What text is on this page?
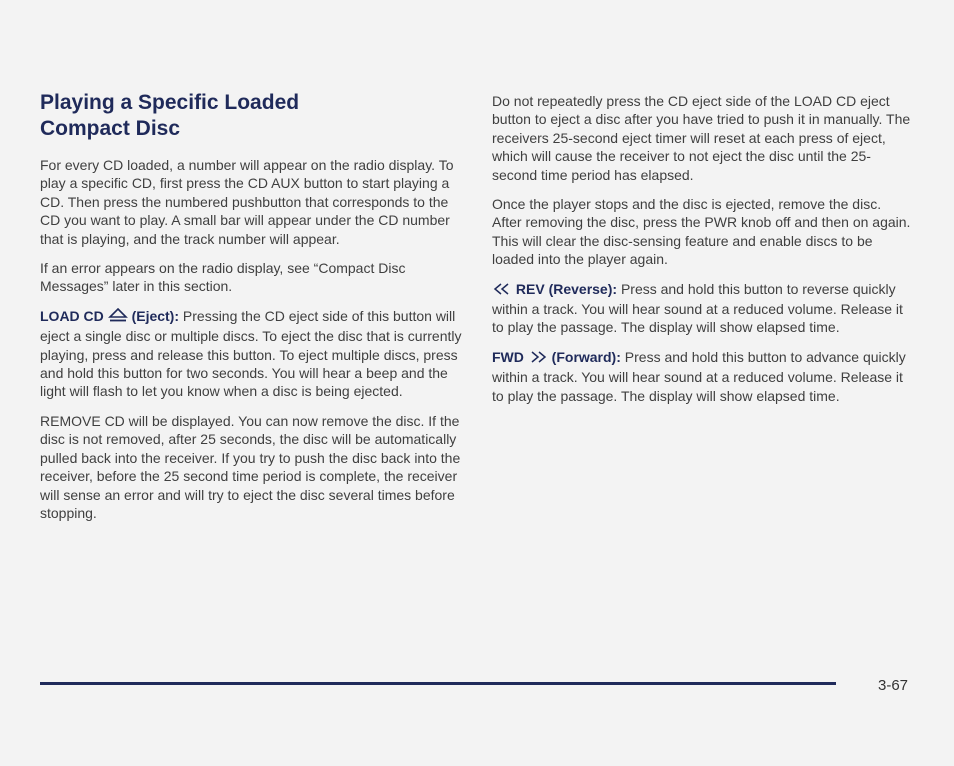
Playing a Specific Loaded
Compact Disc

For every CD loaded, a number will appear on the radio display. To play a specific CD, first press the CD AUX button to start playing a CD. Then press the numbered pushbutton that corresponds to the CD you want to play. A small bar will appear under the CD number that is playing, and the track number will appear.

If an error appears on the radio display, see “Compact Disc Messages” later in this section.

LOAD CD (Eject): Pressing the CD eject side of this button will eject a single disc or multiple discs. To eject the disc that is currently playing, press and release this button. To eject multiple discs, press and hold this button for two seconds. You will hear a beep and the light will flash to let you know when a disc is being ejected.

REMOVE CD will be displayed. You can now remove the disc. If the disc is not removed, after 25 seconds, the disc will be automatically pulled back into the receiver. If you try to push the disc back into the receiver, before the 25 second time period is complete, the receiver will sense an error and will try to eject the disc several times before stopping.

Do not repeatedly press the CD eject side of the LOAD CD eject button to eject a disc after you have tried to push it in manually. The receivers 25-second eject timer will reset at each press of eject, which will cause the receiver to not eject the disc until the 25-second time period has elapsed.

Once the player stops and the disc is ejected, remove the disc. After removing the disc, press the PWR knob off and then on again. This will clear the disc-sensing feature and enable discs to be loaded into the player again.

REV (Reverse): Press and hold this button to reverse quickly within a track. You will hear sound at a reduced volume. Release it to play the passage. The display will show elapsed time.

FWD (Forward): Press and hold this button to advance quickly within a track. You will hear sound at a reduced volume. Release it to play the passage. The display will show elapsed time.

3-67
